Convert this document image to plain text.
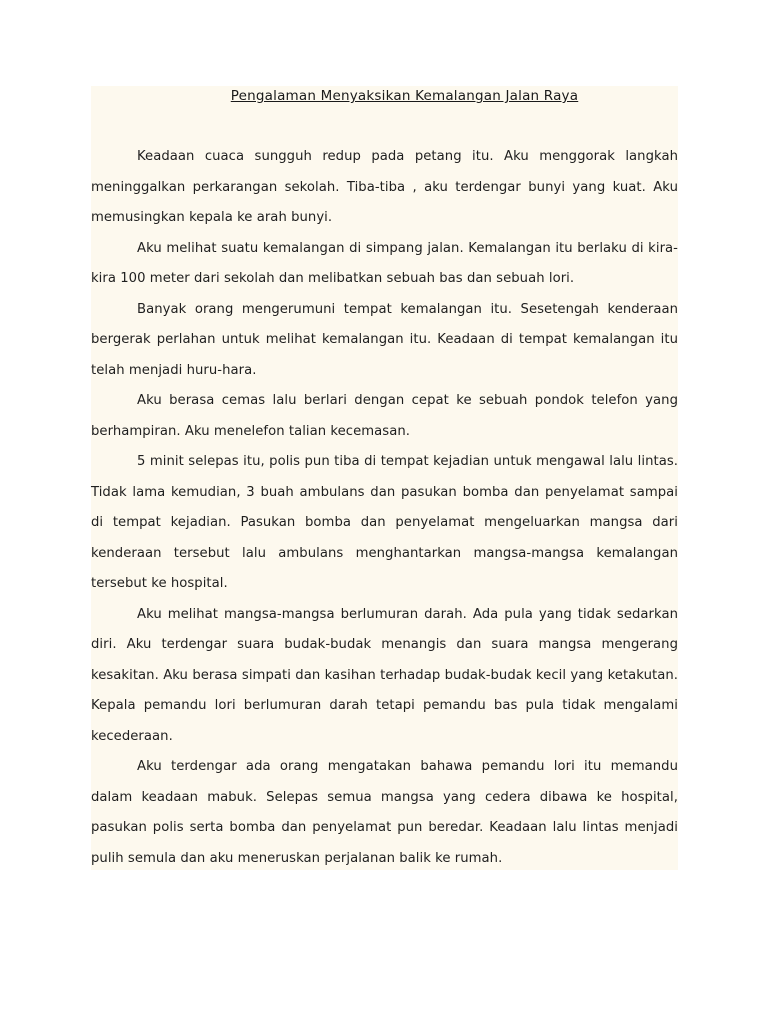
Pengalaman Menyaksikan Kemalangan Jalan Raya

Keadaan cuaca sungguh redup pada petang itu. Aku menggorak langkah meninggalkan perkarangan sekolah. Tiba-tiba , aku terdengar bunyi yang kuat. Aku memusingkan kepala ke arah bunyi.

Aku melihat suatu kemalangan di simpang jalan. Kemalangan itu berlaku di kira-kira 100 meter dari sekolah dan melibatkan sebuah bas dan sebuah lori.

Banyak orang mengerumuni tempat kemalangan itu. Sesetengah kenderaan bergerak perlahan untuk melihat kemalangan itu. Keadaan di tempat kemalangan itu telah menjadi huru-hara.

Aku berasa cemas lalu berlari dengan cepat ke sebuah pondok telefon yang berhampiran. Aku menelefon talian kecemasan.

5 minit selepas itu, polis pun tiba di tempat kejadian untuk mengawal lalu lintas. Tidak lama kemudian, 3 buah ambulans dan pasukan bomba dan penyelamat sampai di tempat kejadian. Pasukan bomba dan penyelamat mengeluarkan mangsa dari kenderaan tersebut lalu ambulans menghantarkan mangsa-mangsa kemalangan tersebut ke hospital.

Aku melihat mangsa-mangsa berlumuran darah. Ada pula yang tidak sedarkan diri. Aku terdengar suara budak-budak menangis dan suara mangsa mengerang kesakitan. Aku berasa simpati dan kasihan terhadap budak-budak kecil yang ketakutan. Kepala pemandu lori berlumuran darah tetapi pemandu bas pula tidak mengalami kecederaan.

Aku terdengar ada orang mengatakan bahawa pemandu lori itu memandu dalam keadaan mabuk. Selepas semua mangsa yang cedera dibawa ke hospital, pasukan polis serta bomba dan penyelamat pun beredar. Keadaan lalu lintas menjadi pulih semula dan aku meneruskan perjalanan balik ke rumah.
